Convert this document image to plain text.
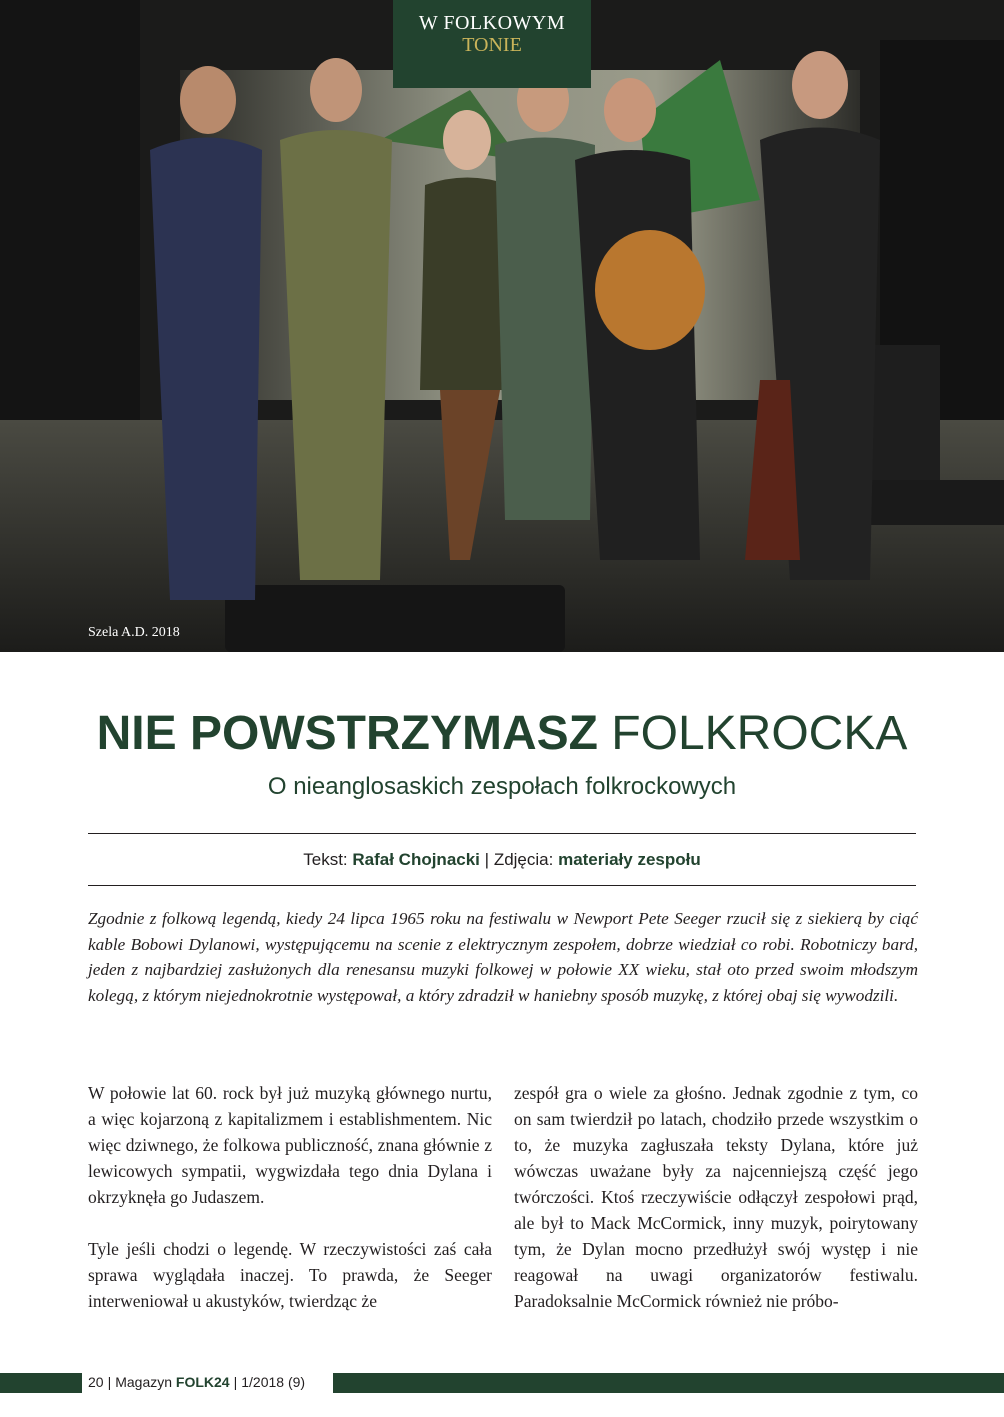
W FOLKOWYM
TONIE
Szela A.D. 2018
NIE POWSTRZYMASZ FOLKROCKA
O nieanglosaskich zespołach folkrockowych
Tekst: Rafał Chojnacki | Zdjęcia: materiały zespołu
Zgodnie z folkową legendą, kiedy 24 lipca 1965 roku na festiwalu w Newport Pete Seeger rzucił się z siekierą by ciąć kable Bobowi Dylanowi, występującemu na scenie z elektrycznym zespołem, dobrze wiedział co robi. Robotniczy bard, jeden z najbardziej zasłużonych dla renesansu muzyki folkowej w połowie XX wieku, stał oto przed swoim młodszym kolegą, z którym niejednokrotnie występował, a który zdradził w haniebny sposób muzykę, z której obaj się wywodzili.

W połowie lat 60. rock był już muzyką głównego nurtu, a więc kojarzoną z kapitalizmem i establishmentem. Nic więc dziwnego, że folkowa publiczność, znana głównie z lewicowych sympatii, wygwizdała tego dnia Dylana i okrzyknęła go Judaszem.

Tyle jeśli chodzi o legendę. W rzeczywistości zaś cała sprawa wyglądała inaczej. To prawda, że Seeger interweniował u akustyków, twierdząc że

zespół gra o wiele za głośno. Jednak zgodnie z tym, co on sam twierdził po latach, chodziło przede wszystkim o to, że muzyka zagłuszała teksty Dylana, które już wówczas uważane były za najcenniejszą część jego twórczości. Ktoś rzeczywiście odłączył zespołowi prąd, ale był to Mack McCormick, inny muzyk, poirytowany tym, że Dylan mocno przedłużył swój występ i nie reagował na uwagi organizatorów festiwalu. Paradoksalnie McCormick również nie próbo-

20 | Magazyn FOLK24 | 1/2018 (9)
